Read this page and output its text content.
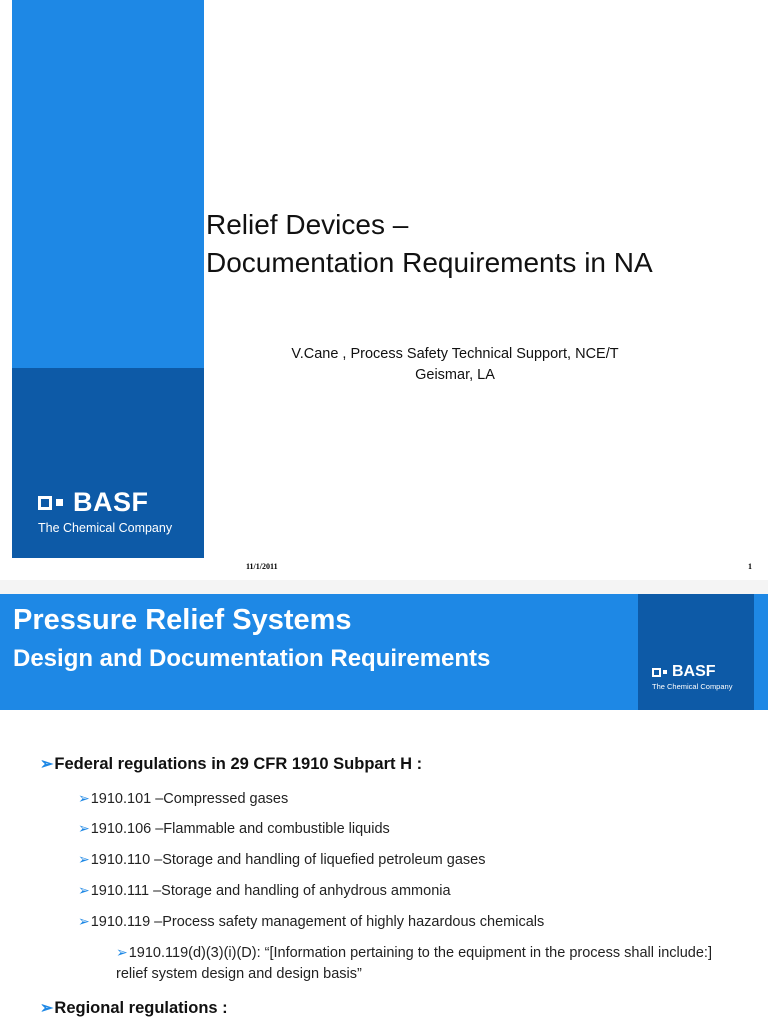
BASF
The Chemical Company
Relief Devices –
Documentation Requirements in NA
V.Cane , Process Safety Technical Support, NCE/T
Geismar, LA
11/1/2011	1
Pressure Relief Systems
Design and Documentation Requirements	BASF
The Chemical Company
➢Federal regulations in 29 CFR 1910 Subpart H :
➢1910.101 –Compressed gases
➢1910.106 –Flammable and combustible liquids
➢1910.110 –Storage and handling of liquefied petroleum gases
➢1910.111 –Storage and handling of anhydrous ammonia
➢1910.119 –Process safety management of highly hazardous chemicals
➢1910.119(d)(3)(i)(D): “[Information pertaining to the equipment in the process shall include:] relief system design and design basis”
➢Regional regulations :
